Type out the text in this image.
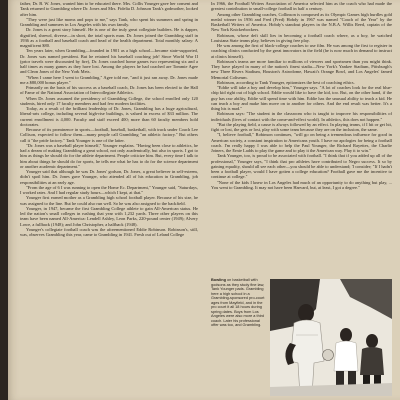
father, Dr. B. W. Jones, wanted him to be educated there. Mrs. Collis Younger gave her consent and Tank returned to Grambling where Dr. Jones and Mrs. Fidelia D. Johnson Tank's godmother, looked after him.

"They were just like moms and pops to me," says Tank, who spent his summers and spring in Grambling and summers in Los Angeles with his own family.

Dr. Jones is a great story himself. He is one of the truly great collegiate builders. He is dapper, dignified, shrewd, diverse—in short, the total sports man. Dr. Jones joined the Grambling staff in 1936 as a football and baseball coach and head of the health department. Total monthly salary: A magnificent $80.

Ten years later, when Grambling—founded in 1901 as a high school—became state-supported, Dr. Jones was named president. But he retained his baseball coaching job! Since World War II (prior travels were discounted by fire), Dr. Jones coached home games two representing six and a half times as many games as they have lost. Among the players he had coached are Tommie Agee and Cleon Jones of the New York Mets.

"When I came here I went to Grambling," Agee told me, "and it just ran away. Dr. Jones made me a $80,000 bonus player."

Primarily on the basis of his success as a baseball coach, Dr. Jones has been elected to the Hall of Fame of the National Association of Intercollegiate Athletics.

When Dr. Jones assumed the presidency of Grambling College, the school enrolled only 120 students, hired only 17 faculty members and had few modern facilities.

Today, as a result of the brilliant leadership of Dr. Jones, Grambling has a huge agricultural, liberal-arts college, including several high-rise buildings, is valued in excess of $33 million. The current enrollment is 4,000. Faculty and staff exceed 400; more than 60 faculty members hold doctorates.

Because of its prominence in sports—football, baseball, basketball, with track under Coach Lee Collison, expected to follow them—many people call Grambling "an athletic factory." But others call it "the pride factory." Tank Younger is one of the latter.

"Dr. Jones was a baseball player himself," Younger explains. "Having been close to athletics, he had a dream of making Grambling a great school, not only academically, but also in sports. I got to him as things he should do for the athlete department. People criticize him. But, every time I talk to him about things he should do for sports, he tells me what he has to do for the science department or another academic department."

Younger said that although he was Dr. Jones' godson, Dr. Jones, a great believer in self-esteem, didn't spoil him. Dr. Jones gave Younger, who attended all of his education in Grambling, job responsibilities at an early age.

"From the age of 6 I was running to open the Home Ec. Department," Younger said, "Saturdays, I worked rates. And I had regular study hours—which I kept, at that."

Younger first earned mother as a Grambling high school football player. Because of his size, he was assigned to the line. But he could also run well. So he was also assigned to the backfield.

Younger, in 1947, became the first Grambling College athlete to gain All-American status. He led the nation's small colleges in rushing that year with 1,232 yards. Three other players on this team have been named All-America: Lendell Ashley, Leon Parks, 220-pound center (1949); Alvery Lowe, a fullback (1948); and John Christopher, a halfback (1948).

Younger's collegiate football coach was the aforementioned Eddie Robinson. Robinson's, still, was, observes Grambling this year, came to Grambling in 1941. Fresh out of Leland College

In 1966, the Football Writers Association of America selected him as the coach who had made the greatest contribution to small-college football in half a century.

Among other Grambling coaches, Collinson is composed as its Olympic Games high hurdles gold medal winner in 1956 and Fred (Fred) Hobdy in 1967 was named "Coach of the Year" by the Basketball Writers of America. Hobdy's standout players in the N.B.A. Willis Reed, captain of the New York Knickerbockers.

Robinson, whose deft skill lies in becoming a football coach where, as a boy, he watched Louisiana State teams play, believes in giving free play.

He was among the first of black-college coaches to use film. He was among the first to register in coaching clinics conducted by the great innovators in the field (he is now much in demand to instruct at clinics himself).

Robinson's teams are more familiar to millions of viewers and sportsmen than you might think. They have played in many of the nation's finest stadia—New York's Yankee Stadium, Pittsburgh's new Three Rivers Stadium, Houston's Astrodome, Hawaii's Orange Bowl, and Los Angeles' famed Memorial Coliseum.

Robinson, according to Tank Younger, epitomizes the best of coaching ethics.

"Eddie will take a boy and develop him," Younger says. "A lot of coaches look for the real blue-chip kid right out of high school. Eddie would like to have the kid, too. But, on the other hand, if the guy has raw ability, Eddie will spend time with him. Eddie has the unusual ability to teach a kid. He can teach a boy and make him move on to another for others. And the end result was better. It's a thing his is mad."

Robinson says: "The student in the classroom who is taught to improve his responsibilities of individuals (lives of contact with the come-and-effect world). In athletics, this does not happen."

"But the playing field, a cause is always followed by an effect. In playing teams, if I hit or get hit, fight or lost, the gets or lost, play with some team because they are on the inclusion, the same.

"I, believe football," Robinson continues, "will go on being a tremendous influence for good in American society, a constant inspiration to Americans youth. I have no apologies for being a football coach. I'm really happy I was able to help the Paul Younger, the Richard Rayettes, the Charlie Joiners, the Ernie Ladds to play the game and to play it the American way. Play it to win."

Tank Younger, too, is proud to be associated with football. "I think that if you added up all of the professional," Younger says, "I think that pro athletes have contributed to Negro success. It so by gaining equality, should all see each other—you should be able to understand; 'I consider; "If I hadn't been a football player, would I have gotten a college education? Football gave me the incentive to continue at college."

"None of the kids I knew in Los Angeles had much of an opportunity to do anything but play, ... You went to Grambling. It may not have been Harvard, but, at least, I got a degree."

Bowling on basketball with godsons as they study fine law, Tank Younger pads. Grambling here a high school in a Grambling-sponsored pro-court ages from Mayfield, and in the pro court it all 18 hours during spring dates. Boys from Los Angeles were also more a third coach. Later his professional offer was too, and Grambling.
